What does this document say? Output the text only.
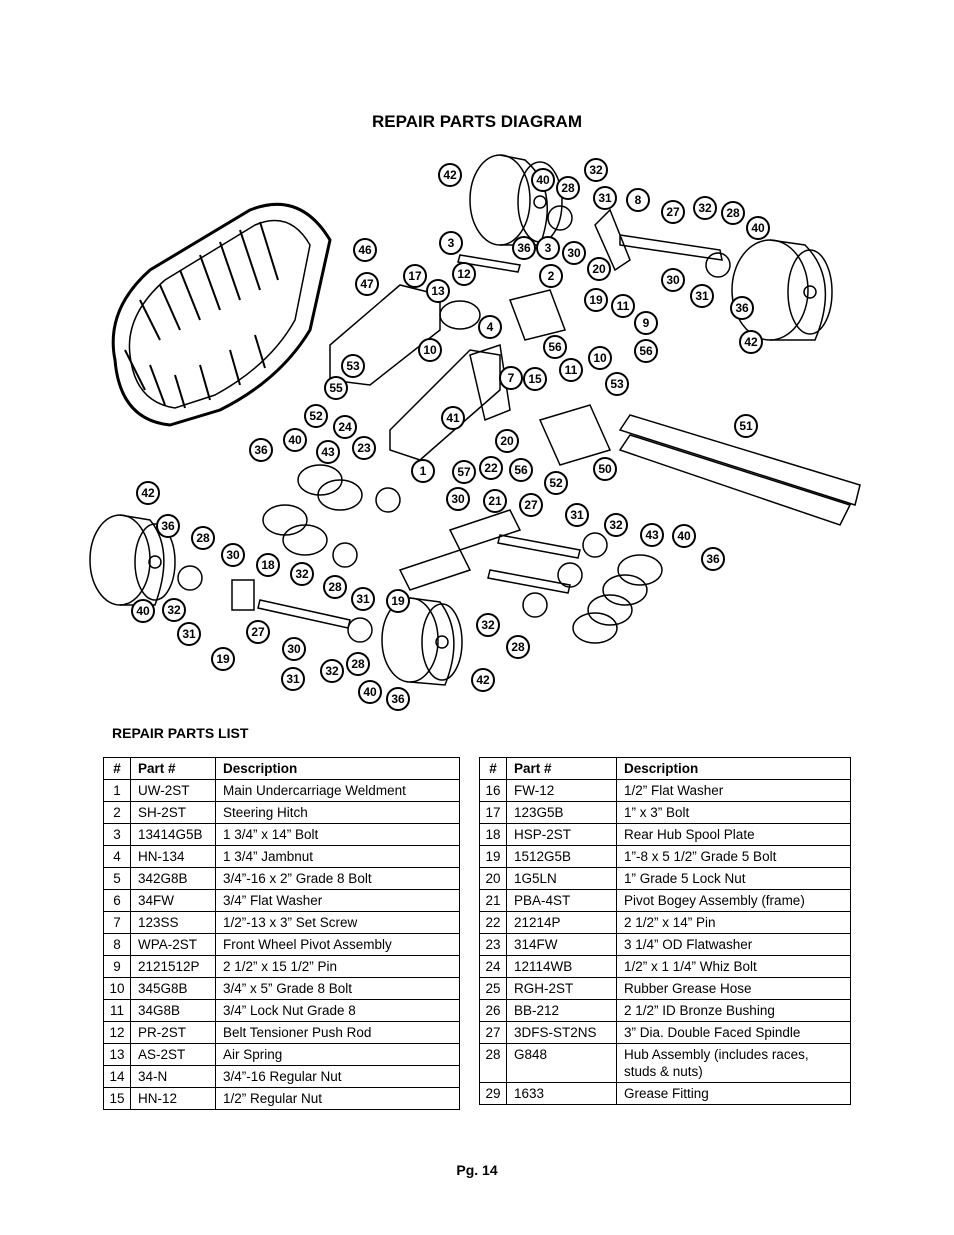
REPAIR PARTS DIAGRAM
42	40
28
32
31 8
27 32 28
40
3	36 3 30
2	20
30
31
36
42
46
47
17	12
13
19 11
9
4
10	56	56
10
53
55
7 15
11
53
52
24
23
41
20
51
36
40
43
1	57 22 56	50
52
42	30 21 27
31
36
28
30
18
32
43 40
36
32
28
19
31
40 32
31	27
19
30
31
32 28
40 36
42
32
28
REPAIR PARTS LIST
#	Part #	Description
1	UW-2ST	Main Undercarriage Weldment
2	SH-2ST	Steering Hitch
3	13414G5B	1 3/4” x 14” Bolt
4	HN-134	1 3/4” Jambnut
5	342G8B	3/4”-16 x 2” Grade 8 Bolt
6	34FW	3/4” Flat Washer
7	123SS	1/2”-13 x 3” Set Screw
8	WPA-2ST	Front Wheel Pivot Assembly
9	2121512P	2 1/2” x 15 1/2” Pin
10	345G8B	3/4” x 5” Grade 8 Bolt
11	34G8B	3/4” Lock Nut Grade 8
12	PR-2ST	Belt Tensioner Push Rod
13	AS-2ST	Air Spring
14	34-N	3/4”-16 Regular Nut
15	HN-12	1/2” Regular Nut
#	Part #	Description
16	FW-12	1/2” Flat Washer
17	123G5B	1” x 3” Bolt
18	HSP-2ST	Rear Hub Spool Plate
19	1512G5B	1”-8 x 5 1/2” Grade 5 Bolt
20	1G5LN	1” Grade 5 Lock Nut
21	PBA-4ST	Pivot Bogey Assembly (frame)
22	21214P	2 1/2” x 14” Pin
23	314FW	3 1/4” OD Flatwasher
24	12114WB	1/2” x 1 1/4” Whiz Bolt
25	RGH-2ST	Rubber Grease Hose
26	BB-212	2 1/2” ID Bronze Bushing
27	3DFS-ST2NS	3” Dia. Double Faced Spindle
28	G848	Hub Assembly (includes races, studs & nuts)
29	1633	Grease Fitting
Pg. 14
